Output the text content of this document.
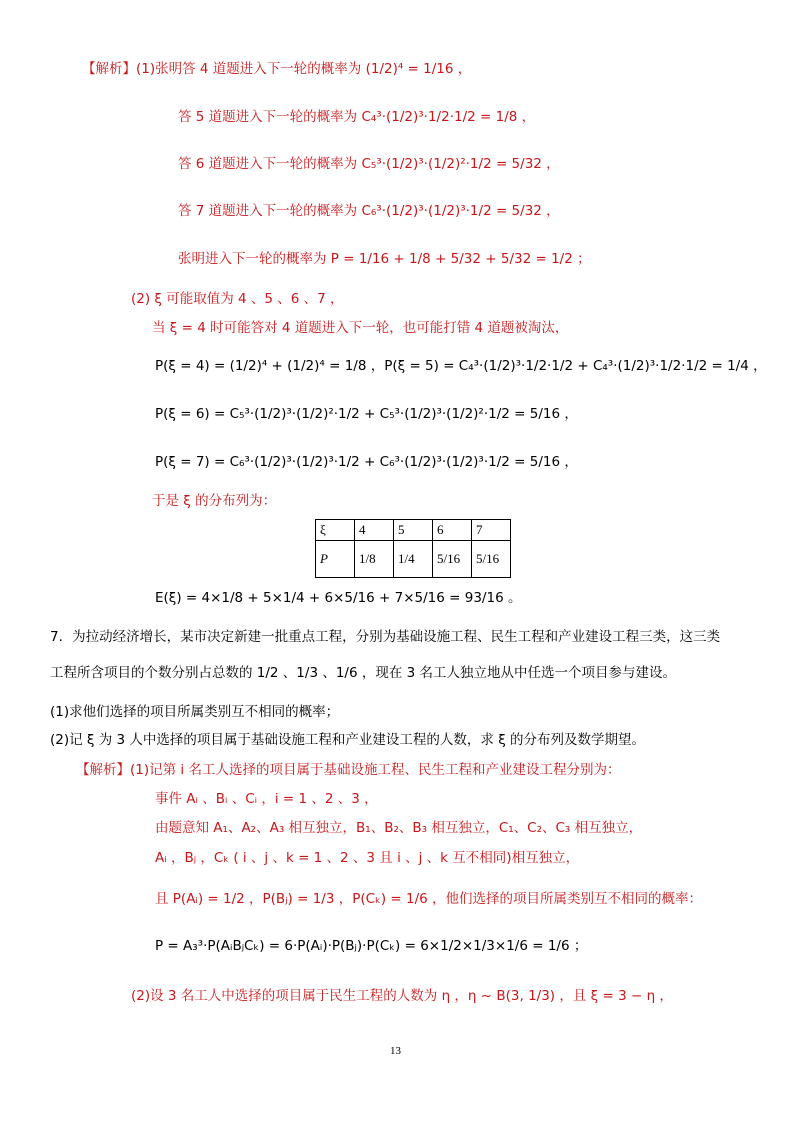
【解析】(1)张明答 4 道题进入下一轮的概率为 (1/2)⁴ = 1/16 ，
答 5 道题进入下一轮的概率为 C₄³·(1/2)³·1/2·1/2 = 1/8 ，
答 6 道题进入下一轮的概率为 C₅³·(1/2)³·(1/2)²·1/2 = 5/32 ，
答 7 道题进入下一轮的概率为 C₆³·(1/2)³·(1/2)³·1/2 = 5/32 ，
张明进入下一轮的概率为 P = 1/16 + 1/8 + 5/32 + 5/32 = 1/2 ；
(2) ξ 可能取值为 4 、5 、6 、7 ，
当 ξ = 4 时可能答对 4 道题进入下一轮，也可能打错 4 道题被淘汰，
P(ξ = 4) = (1/2)⁴ + (1/2)⁴ = 1/8 ，P(ξ = 5) = C₄³·(1/2)³·1/2·1/2 + C₄³·(1/2)³·1/2·1/2 = 1/4 ，
P(ξ = 6) = C₅³·(1/2)³·(1/2)²·1/2 + C₅³·(1/2)³·(1/2)²·1/2 = 5/16 ，
P(ξ = 7) = C₆³·(1/2)³·(1/2)³·1/2 + C₆³·(1/2)³·(1/2)³·1/2 = 5/16 ，
于是 ξ 的分布列为：
ξ	4	5	6	7
P	1/8	1/4	5/16	5/16
E(ξ) = 4×1/8 + 5×1/4 + 6×5/16 + 7×5/16 = 93/16 。
7．为拉动经济增长，某市决定新建一批重点工程，分别为基础设施工程、民生工程和产业建设工程三类，这三类
工程所含项目的个数分别占总数的 1/2 、1/3 、1/6 ，现在 3 名工人独立地从中任选一个项目参与建设。
(1)求他们选择的项目所属类别互不相同的概率；
(2)记 ξ 为 3 人中选择的项目属于基础设施工程和产业建设工程的人数，求 ξ 的分布列及数学期望。
【解析】(1)记第 i 名工人选择的项目属于基础设施工程、民生工程和产业建设工程分别为：
事件 Aᵢ 、Bᵢ 、Cᵢ ，i = 1 、2 、3 ，
由题意知 A₁、A₂、A₃ 相互独立，B₁、B₂、B₃ 相互独立，C₁、C₂、C₃ 相互独立，
Aᵢ ，Bⱼ ，Cₖ ( i 、j 、k = 1 、2 、3 且 i 、j 、k 互不相同)相互独立，
且 P(Aᵢ) = 1/2 ，P(Bⱼ) = 1/3 ，P(Cₖ) = 1/6 ，他们选择的项目所属类别互不相同的概率：
P = A₃³·P(AᵢBⱼCₖ) = 6·P(Aᵢ)·P(Bⱼ)·P(Cₖ) = 6×1/2×1/3×1/6 = 1/6 ；
(2)设 3 名工人中选择的项目属于民生工程的人数为 η ，η ~ B(3, 1/3) ，且 ξ = 3 − η ，
13
